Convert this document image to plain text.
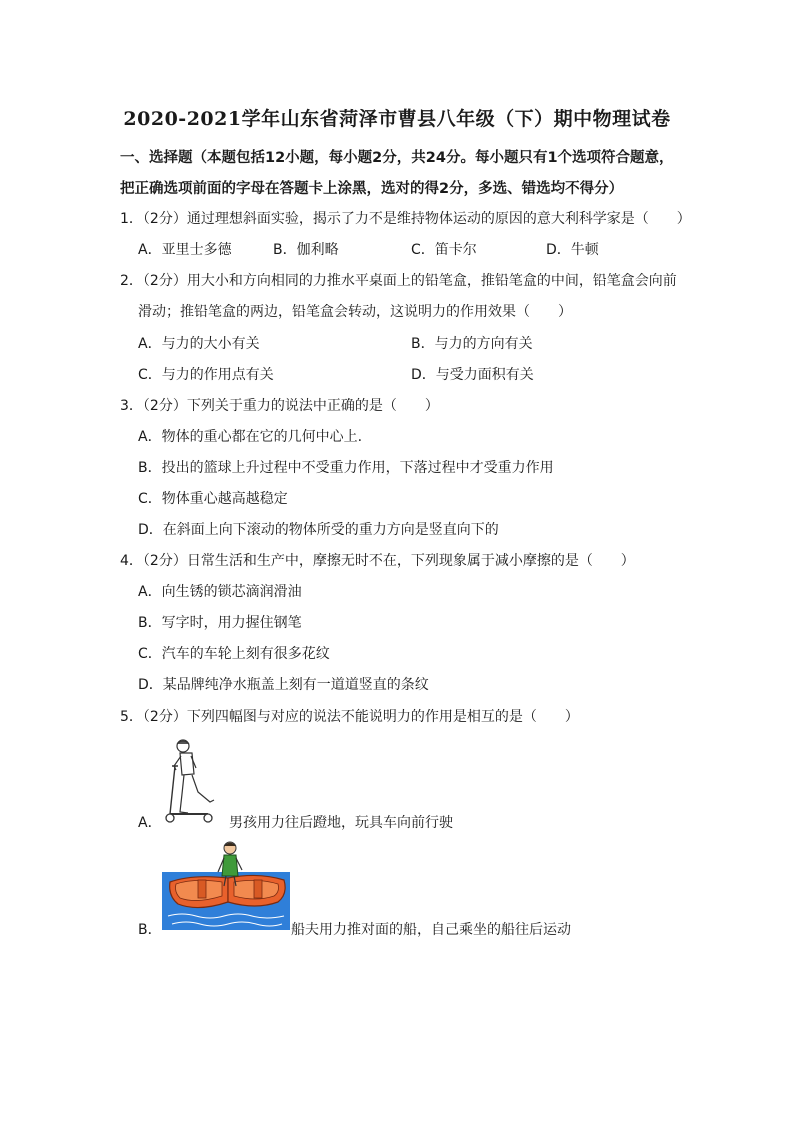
2020-2021学年山东省菏泽市曹县八年级（下）期中物理试卷
一、选择题（本题包括12小题，每小题2分，共24分。每小题只有1个选项符合题意，
把正确选项前面的字母在答题卡上涂黑，选对的得2分，多选、错选均不得分）
1．（2分）通过理想斜面实验，揭示了力不是维持物体运动的原因的意大利科学家是（　　）
A．亚里士多德	B．伽利略	C．笛卡尔	D．牛顿
2．（2分）用大小和方向相同的力推水平桌面上的铅笔盒，推铅笔盒的中间，铅笔盒会向前
滑动；推铅笔盒的两边，铅笔盒会转动，这说明力的作用效果（　　）
A．与力的大小有关	B．与力的方向有关
C．与力的作用点有关	D．与受力面积有关
3．（2分）下列关于重力的说法中正确的是（　　）
A．物体的重心都在它的几何中心上.
B．投出的篮球上升过程中不受重力作用，下落过程中才受重力作用
C．物体重心越高越稳定
D．在斜面上向下滚动的物体所受的重力方向是竖直向下的
4．（2分）日常生活和生产中，摩擦无时不在，下列现象属于减小摩擦的是（　　）
A．向生锈的锁芯滴润滑油
B．写字时，用力握住钢笔
C．汽车的车轮上刻有很多花纹
D．某品牌纯净水瓶盖上刻有一道道竖直的条纹
5．（2分）下列四幅图与对应的说法不能说明力的作用是相互的是（　　）
A．	男孩用力往后蹬地，玩具车向前行驶
B．	船夫用力推对面的船，自己乘坐的船往后运动
